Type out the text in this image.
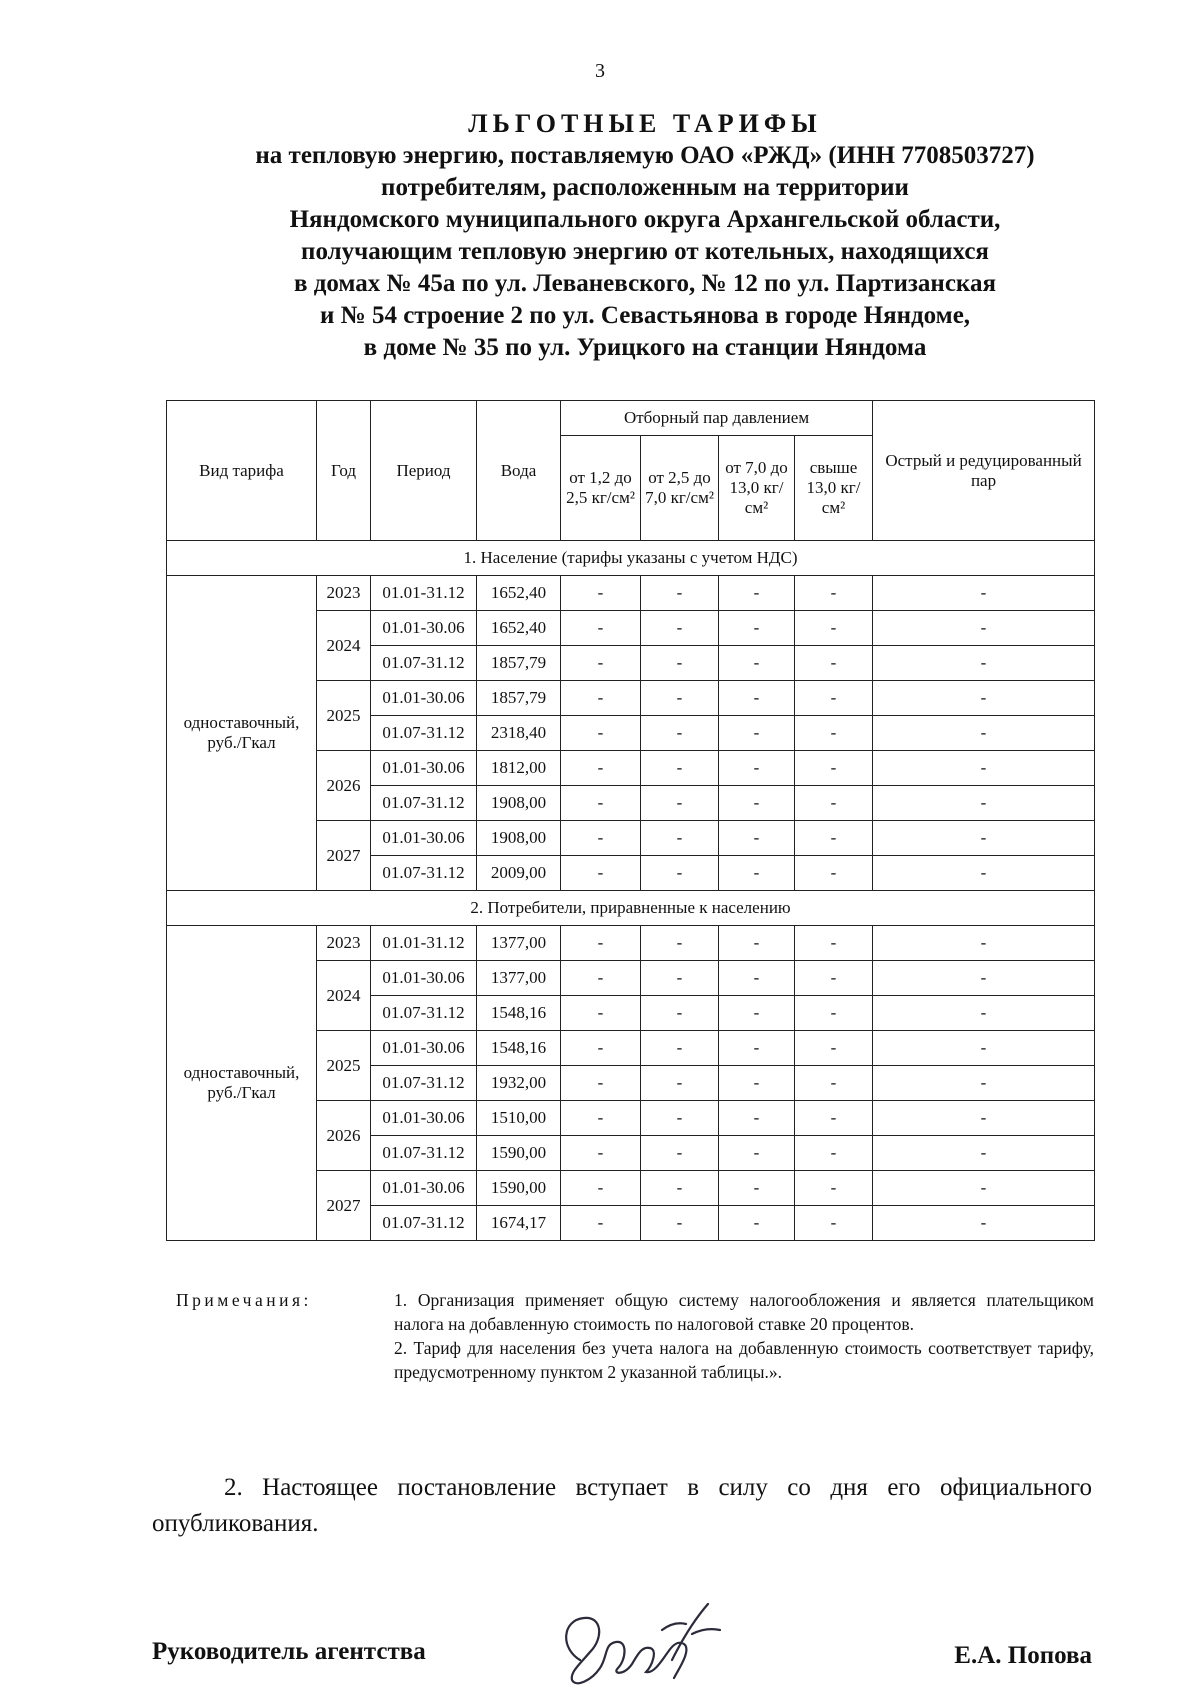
3
ЛЬГОТНЫЕ ТАРИФЫ
на тепловую энергию, поставляемую ОАО «РЖД» (ИНН 7708503727)
потребителям, расположенным на территории
Няндомского муниципального округа Архангельской области,
получающим тепловую энергию от котельных, находящихся
в домах № 45а по ул. Леваневского, № 12 по ул. Партизанская
и № 54 строение 2 по ул. Севастьянова в городе Няндоме,
в доме № 35 по ул. Урицкого на станции Няндома
Вид тарифа	Год	Период	Вода	Отборный пар давлением				Острый и редуцированный пар
				от 1,2 до 2,5 кг/см²	от 2,5 до 7,0 кг/см²	от 7,0 до 13,0 кг/см²	свыше 13,0 кг/см²	
1. Население (тарифы указаны с учетом НДС)								
одноставочный, руб./Гкал	2023	01.01-31.12	1652,40	-	-	-	-	-
	2024	01.01-30.06	1652,40	-	-	-	-	-
		01.07-31.12	1857,79	-	-	-	-	-
	2025	01.01-30.06	1857,79	-	-	-	-	-
		01.07-31.12	2318,40	-	-	-	-	-
	2026	01.01-30.06	1812,00	-	-	-	-	-
		01.07-31.12	1908,00	-	-	-	-	-
	2027	01.01-30.06	1908,00	-	-	-	-	-
		01.07-31.12	2009,00	-	-	-	-	-
2. Потребители, приравненные к населению								
одноставочный, руб./Гкал	2023	01.01-31.12	1377,00	-	-	-	-	-
	2024	01.01-30.06	1377,00	-	-	-	-	-
		01.07-31.12	1548,16	-	-	-	-	-
	2025	01.01-30.06	1548,16	-	-	-	-	-
		01.07-31.12	1932,00	-	-	-	-	-
	2026	01.01-30.06	1510,00	-	-	-	-	-
		01.07-31.12	1590,00	-	-	-	-	-
	2027	01.01-30.06	1590,00	-	-	-	-	-
		01.07-31.12	1674,17	-	-	-	-	-
Примечания:	1. Организация применяет общую систему налогообложения и является плательщиком налога на добавленную стоимость по налоговой ставке 20 процентов.

2. Тариф для населения без учета налога на добавленную стоимость соответствует тарифу, предусмотренному пунктом 2 указанной таблицы.».

2. Настоящее постановление вступает в силу со дня его официального опубликования.
Руководитель агентства	Е.А. Попова
